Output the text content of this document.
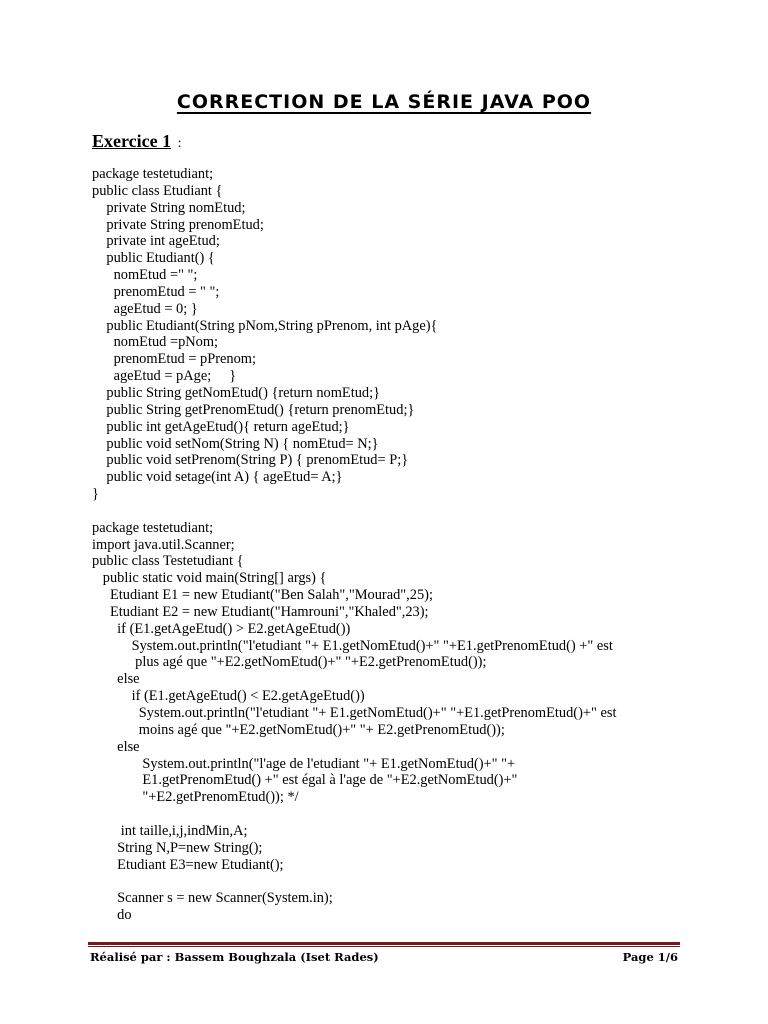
CORRECTION DE LA SÉRIE JAVA POO
Exercice 1 :
package testetudiant;
public class Etudiant {
private String nomEtud;
private String prenomEtud;
private int ageEtud;
public Etudiant() {
nomEtud =" ";
prenomEtud = " ";
ageEtud = 0; }
public Etudiant(String pNom,String pPrenom, int pAge){
nomEtud =pNom;
prenomEtud = pPrenom;
ageEtud = pAge;     }
public String getNomEtud() {return nomEtud;}
public String getPrenomEtud() {return prenomEtud;}
public int getAgeEtud(){ return ageEtud;}
public void setNom(String N) { nomEtud= N;}
public void setPrenom(String P) { prenomEtud= P;}
public void setage(int A) { ageEtud= A;}
}
package testetudiant;
import java.util.Scanner;
public class Testetudiant {
public static void main(String[] args) {
Etudiant E1 = new Etudiant("Ben Salah","Mourad",25);
Etudiant E2 = new Etudiant("Hamrouni","Khaled",23);
if (E1.getAgeEtud() > E2.getAgeEtud())
System.out.println("l'etudiant "+ E1.getNomEtud()+" "+E1.getPrenomEtud() +" est
plus agé que "+E2.getNomEtud()+" "+E2.getPrenomEtud());
else
if (E1.getAgeEtud() < E2.getAgeEtud())
System.out.println("l'etudiant "+ E1.getNomEtud()+" "+E1.getPrenomEtud()+" est
moins agé que "+E2.getNomEtud()+" "+ E2.getPrenomEtud());
else
System.out.println("l'age de l'etudiant "+ E1.getNomEtud()+" "+
E1.getPrenomEtud() +" est égal à l'age de "+E2.getNomEtud()+"
"+E2.getPrenomEtud()); */
int taille,i,j,indMin,A;
String N,P=new String();
Etudiant E3=new Etudiant();
Scanner s = new Scanner(System.in);
do
Réalisé par : Bassem Boughzala (Iset Rades)	Page 1/6
